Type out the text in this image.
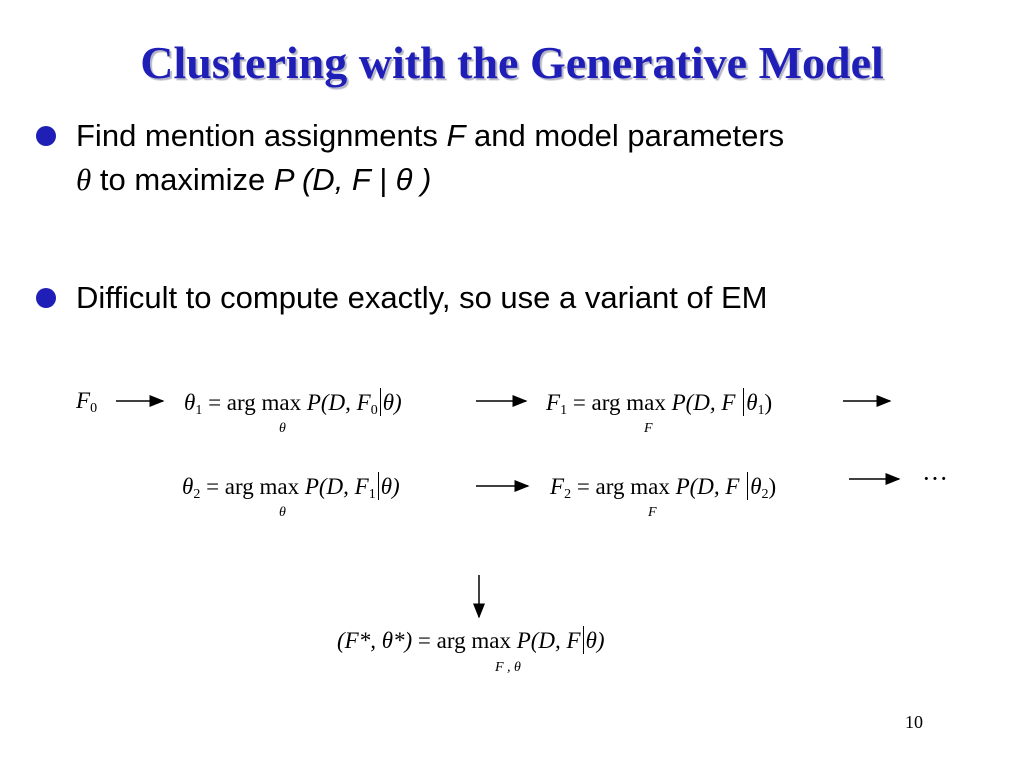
Clustering with the Generative Model
Find mention assignments F and model parameters
θ to maximize P (D, F | θ )
Difficult to compute exactly, so use a variant of EM
$F_0$	$\theta_1$ = arg max P(D, $F_0$ θ)
θ
$F_1$ = arg max P(D, F $\theta_1$)
F
$\theta_2$ = arg max P(D, $F_1$ θ)
θ
$F_2$ = arg max P(D, F $\theta_2$)
F
···
(F*, θ*) = arg max P(D, F θ)
F , θ
10
